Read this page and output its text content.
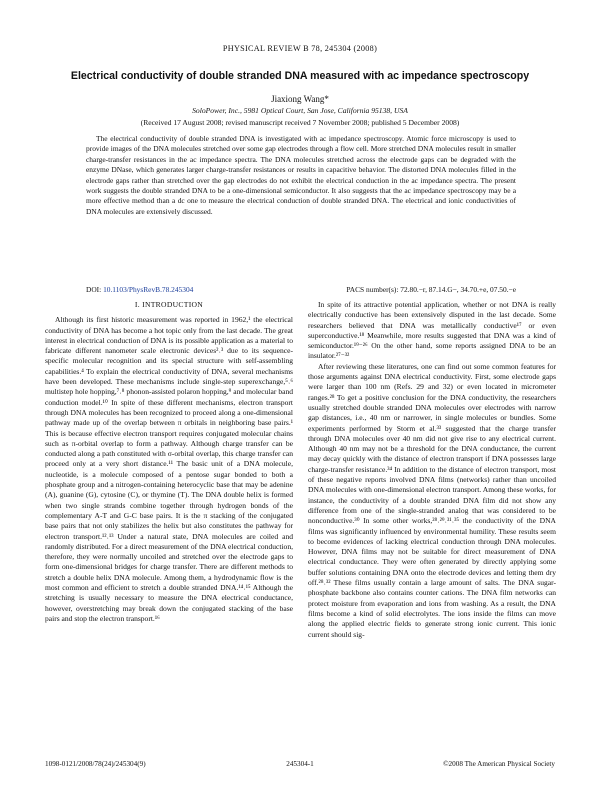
PHYSICAL REVIEW B 78, 245304 (2008)
Electrical conductivity of double stranded DNA measured with ac impedance spectroscopy
Jiaxiong Wang*
SoloPower, Inc., 5981 Optical Court, San Jose, California 95138, USA
(Received 17 August 2008; revised manuscript received 7 November 2008; published 5 December 2008)

The electrical conductivity of double stranded DNA is investigated with ac impedance spectroscopy. Atomic force microscopy is used to provide images of the DNA molecules stretched over some gap electrodes through a flow cell. More stretched DNA molecules result in smaller charge-transfer resistances in the ac impedance spectra. The DNA molecules stretched across the electrode gaps can be degraded with the enzyme DNase, which generates larger charge-transfer resistances or results in capacitive behavior. The distorted DNA molecules filled in the electrode gaps rather than stretched over the gap electrodes do not exhibit the electrical conduction in the ac impedance spectra. The present work suggests the double stranded DNA to be a one-dimensional semiconductor. It also suggests that the ac impedance spectroscopy may be a more effective method than a dc one to measure the electrical conduction of double stranded DNA. The electrical and ionic conductivities of DNA molecules are extensively discussed.

DOI: 10.1103/PhysRevB.78.245304	PACS number(s): 72.80.−r, 87.14.G−, 34.70.+e, 07.50.−e
I. INTRODUCTION

Although its first historic measurement was reported in 1962,¹ the electrical conductivity of DNA has become a hot topic only from the last decade. The great interest in electrical conduction of DNA is its possible application as a material to fabricate different nanometer scale electronic devices²˒³ due to its sequence-specific molecular recognition and its special structure with self-assembling capabilities.⁴ To explain the electrical conductivity of DNA, several mechanisms have been developed. These mechanisms include single-step superexchange,⁵˒⁶ multistep hole hopping,⁷˒⁸ phonon-assisted polaron hopping,⁹ and molecular band conduction model.¹⁰ In spite of these different mechanisms, electron transport through DNA molecules has been recognized to proceed along a one-dimensional pathway made up of the overlap between π orbitals in neighboring base pairs.¹ This is because effective electron transport requires conjugated molecular chains such as π-orbital overlap to form a pathway. Although charge transfer can be conducted along a path constituted with σ-orbital overlap, this charge transfer can proceed only at a very short distance.¹¹ The basic unit of a DNA molecule, nucleotide, is a molecule composed of a pentose sugar bonded to both a phosphate group and a nitrogen-containing heterocyclic base that may be adenine (A), guanine (G), cytosine (C), or thymine (T). The DNA double helix is formed when two single strands combine together through hydrogen bonds of the complementary A-T and G-C base pairs. It is the π stacking of the conjugated base pairs that not only stabilizes the helix but also constitutes the pathway for electron transport.¹²˒¹³ Under a natural state, DNA molecules are coiled and randomly distributed. For a direct measurement of the DNA electrical conduction, therefore, they were normally uncoiled and stretched over the electrode gaps to form one-dimensional bridges for charge transfer. There are different methods to stretch a double helix DNA molecule. Among them, a hydrodynamic flow is the most common and efficient to stretch a double stranded DNA.¹⁴˒¹⁵ Although the stretching is usually necessary to measure the DNA electrical conductance, however, overstretching may break down the conjugated stacking of the base pairs and stop the electron transport.¹⁶

In spite of its attractive potential application, whether or not DNA is really electrically conductive has been extensively disputed in the last decade. Some researchers believed that DNA was metallically conductive¹⁷ or even superconductive.¹⁸ Meanwhile, more results suggested that DNA was a kind of semiconductor.¹⁹⁻²⁶ On the other hand, some reports assigned DNA to be an insulator.²⁷⁻³²

After reviewing these literatures, one can find out some common features for those arguments against DNA electrical conductivity. First, some electrode gaps were larger than 100 nm (Refs. 29 and 32) or even located in micrometer ranges.²⁸ To get a positive conclusion for the DNA conductivity, the researchers usually stretched double stranded DNA molecules over electrodes with narrow gap distances, i.e., 40 nm or narrower, in single molecules or bundles. Some experiments performed by Storm et al.³³ suggested that the charge transfer through DNA molecules over 40 nm did not give rise to any electrical current. Although 40 nm may not be a threshold for the DNA conductance, the current may decay quickly with the distance of electron transport if DNA possesses large charge-transfer resistance.³⁴ In addition to the distance of electron transport, most of these negative reports involved DNA films (networks) rather than uncoiled DNA molecules with one-dimensional electron transport. Among these works, for instance, the conductivity of a double stranded DNA film did not show any difference from one of the single-stranded analog that was considered to be nonconductive.³⁰ In some other works,²⁸˒²⁹˒³¹˒³⁵ the conductivity of the DNA films was significantly influenced by environmental humility. These results seem to become evidences of lacking electrical conduction through DNA molecules. However, DNA films may not be suitable for direct measurement of DNA electrical conductance. They were often generated by directly applying some buffer solutions containing DNA onto the electrode devices and letting them dry off.²⁸˒³² These films usually contain a large amount of salts. The DNA sugar-phosphate backbone also contains counter cations. The DNA film networks can protect moisture from evaporation and ions from washing. As a result, the DNA films become a kind of solid electrolytes. The ions inside the films can move along the applied electric fields to generate strong ionic current. This ionic current should sig-

1098-0121/2008/78(24)/245304(9)	245304-1	©2008 The American Physical Society
